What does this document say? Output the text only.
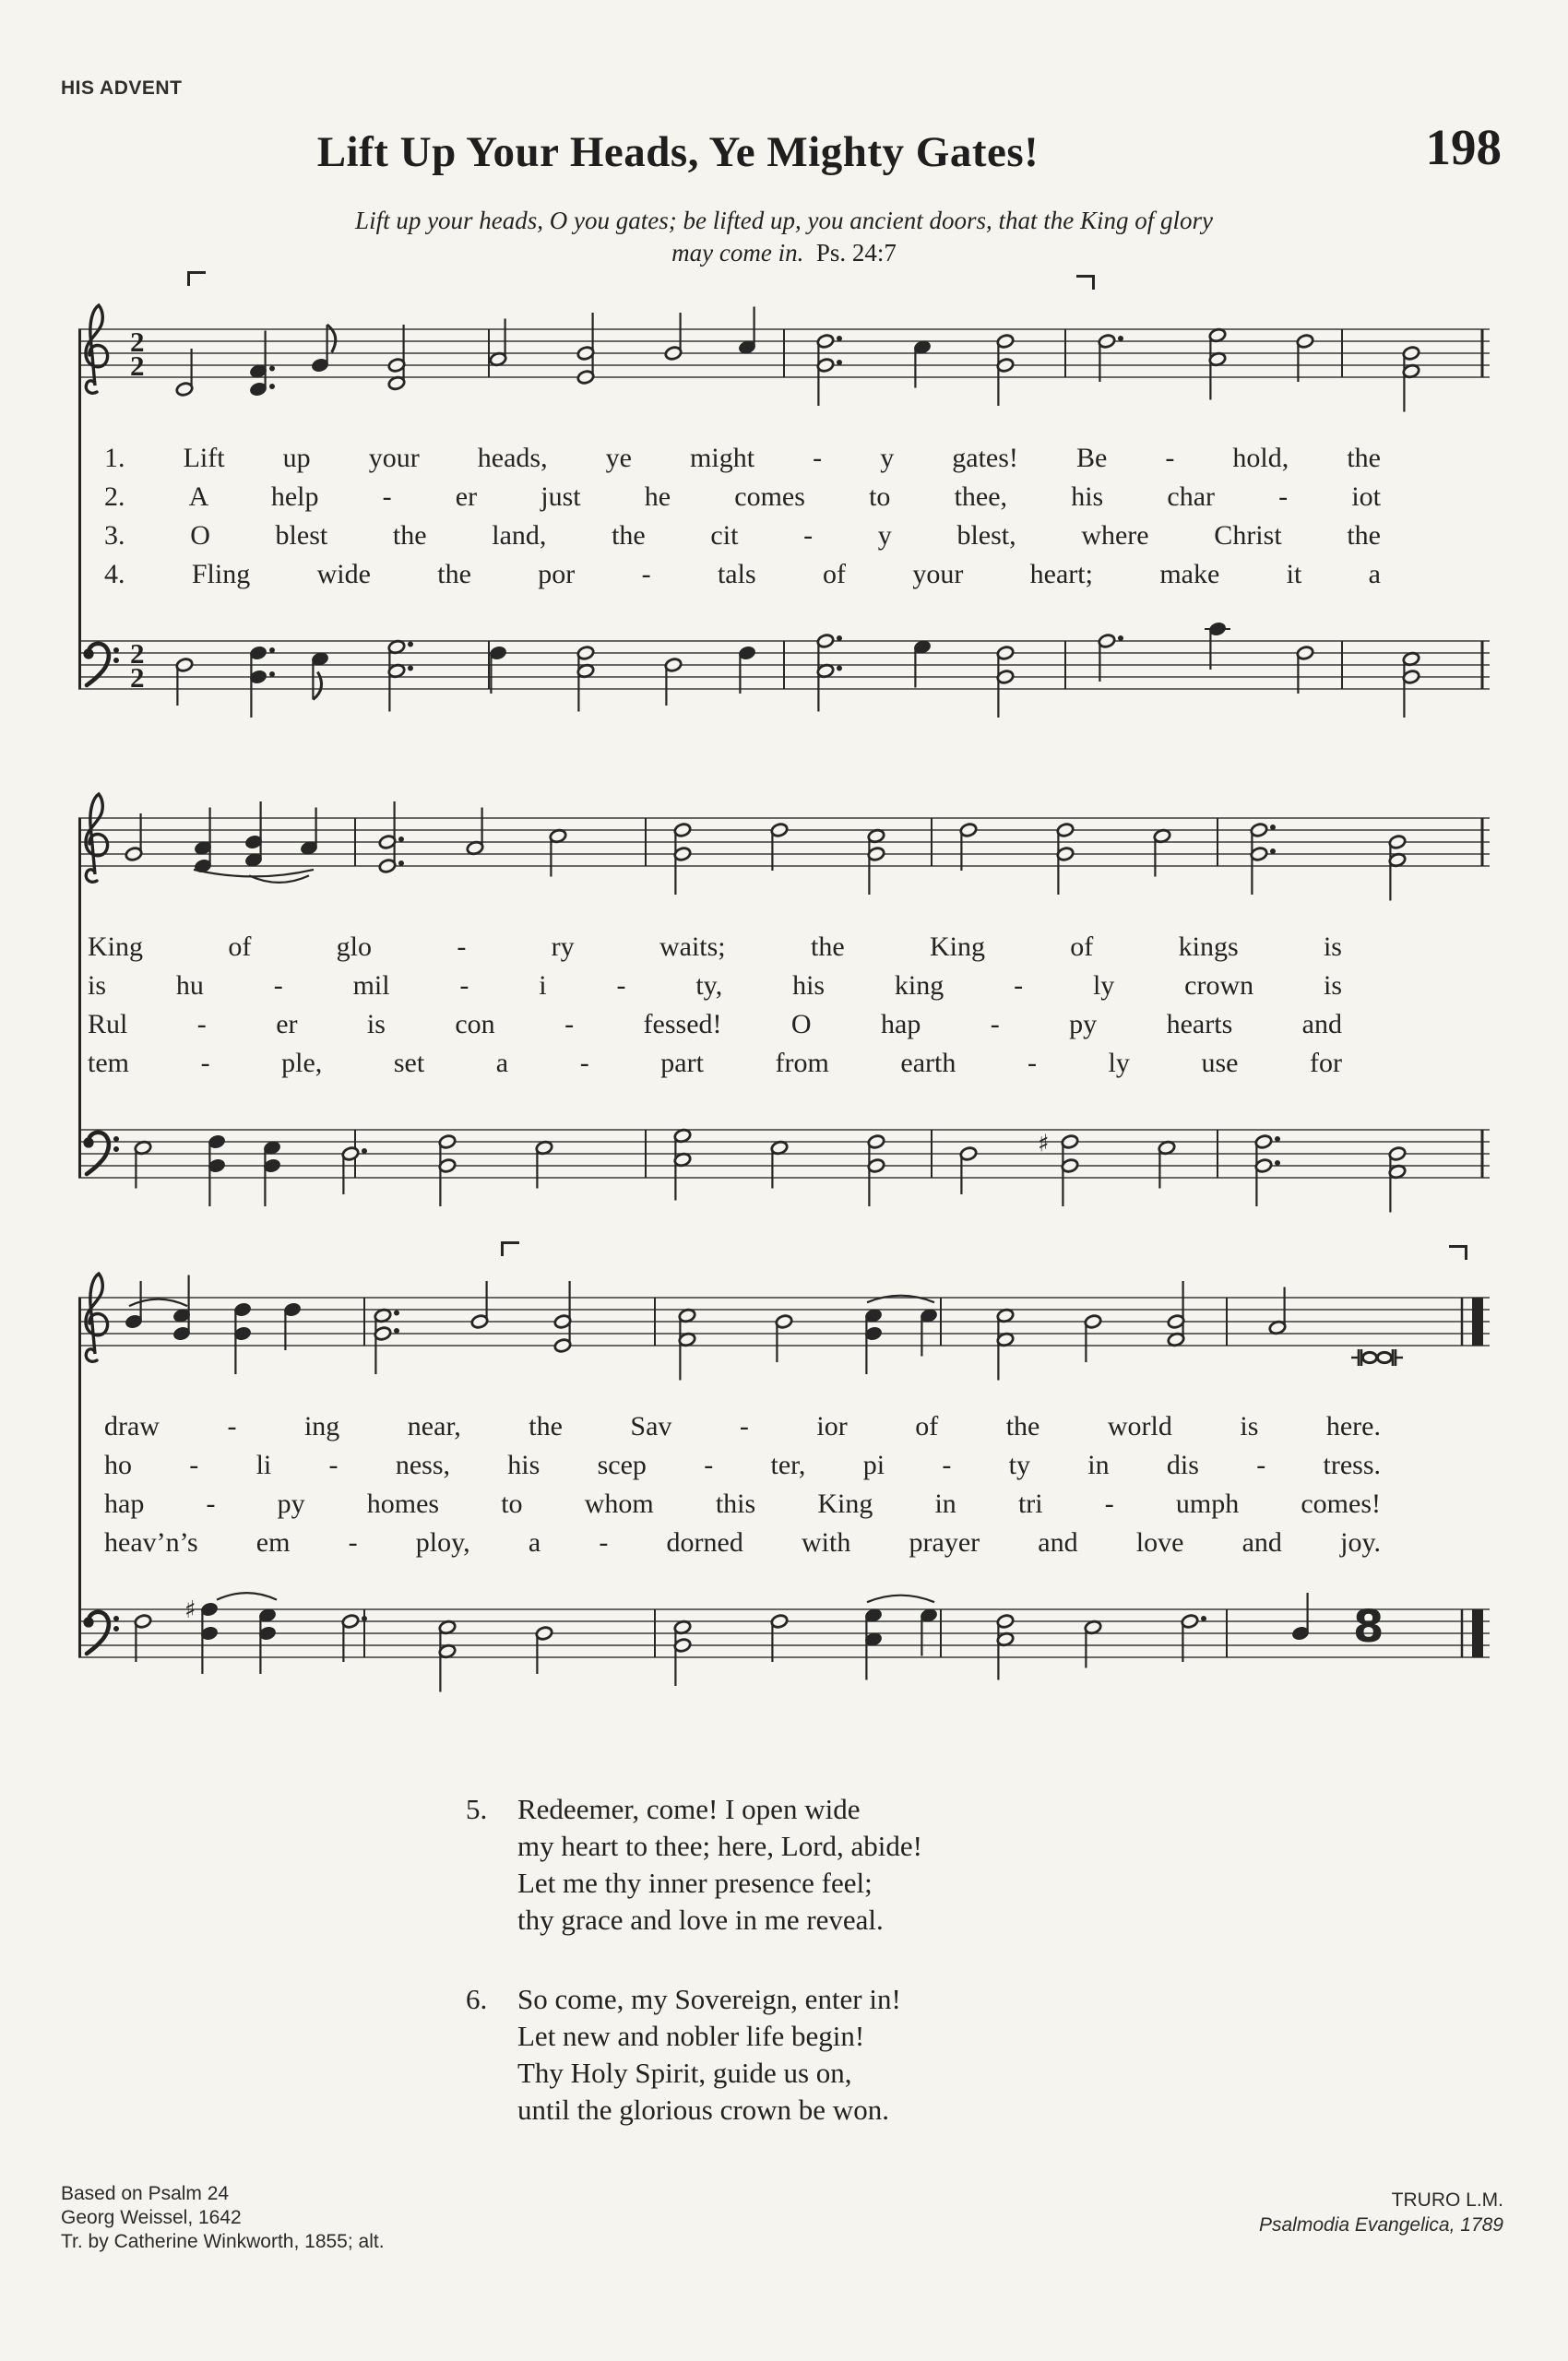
HIS ADVENT
Lift Up Your Heads, Ye Mighty Gates!	198
Lift up your heads, O you gates; be lifted up, you ancient doors, that the King of glory
may come in. Ps. 24:7
2
2
1. Lift up your heads, ye might - y gates! Be - hold, the
2. A help - er just he comes to thee, his char - iot
3. O blest the land, the cit - y blest, where Christ the
4. Fling wide the por - tals of your heart; make it a
2
2
King of glo - ry waits; the King of kings is
is hu - mil - i - ty, his king - ly crown is
Rul - er is con - fessed! O hap - py hearts and
tem - ple, set a - part from earth - ly use for
♯
draw - ing near, the Sav - ior of the world is here.
ho - li - ness, his scep - ter, pi - ty in dis - tress.
hap - py homes to whom this King in tri - umph comes!
heav’n’s em - ploy, a - dorned with prayer and love and joy.
♯	8
5.	Redeemer, come! I open wide
my heart to thee; here, Lord, abide!
Let me thy inner presence feel;
thy grace and love in me reveal.
6.	So come, my Sovereign, enter in!
Let new and nobler life begin!
Thy Holy Spirit, guide us on,
until the glorious crown be won.
Based on Psalm 24
Georg Weissel, 1642
Tr. by Catherine Winkworth, 1855; alt.
TRURO L.M.
Psalmodia Evangelica, 1789
